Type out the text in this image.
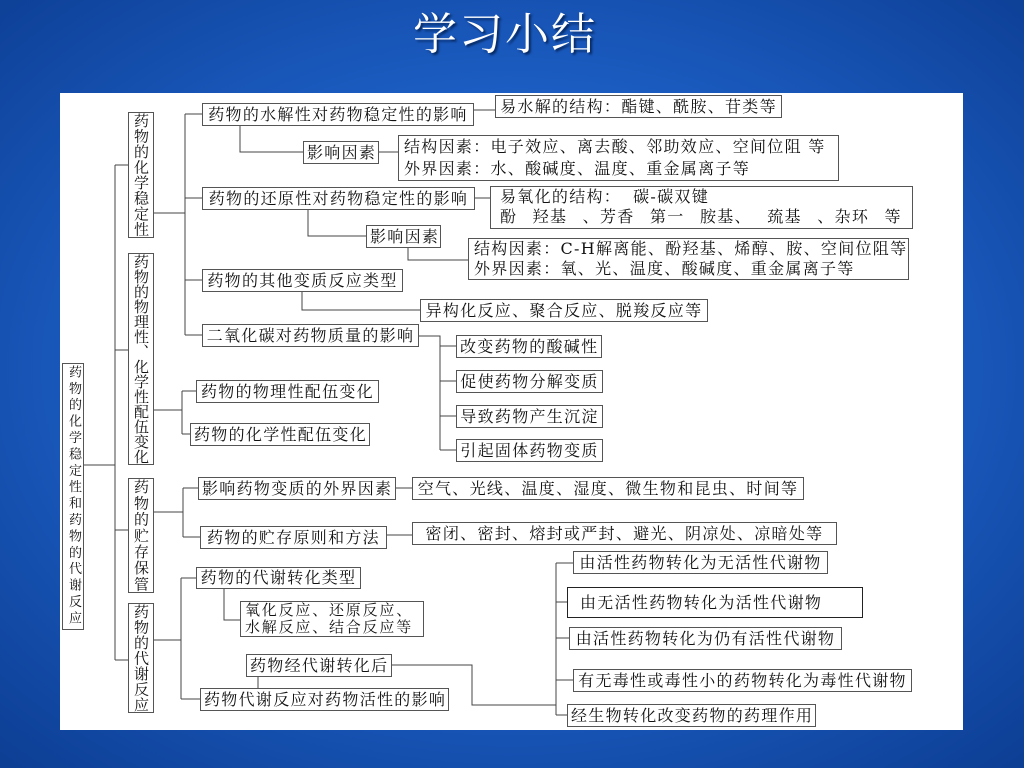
学习小结
药物的化学稳定性和药物的代谢反应
药物的化学稳定性
药物的物理性、化学性配伍变化
药物的贮存保管
药物的代谢反应
药物的水解性对药物稳定性的影响	易水解的结构：酯键、酰胺、苷类等
影响因素 结构因素：电子效应、离去酸、邻助效应、空间位阻 等
外界因素：水、酸碱度、温度、重金属离子等
药物的还原性对药物稳定性的影响	易氧化的结构： 碳-碳双键
酚 羟基 、芳香 第一 胺基、 巯基 、杂环 等
影响因素
结构因素：C-H解离能、酚羟基、烯醇、胺、空间位阻等
外界因素：氧、光、温度、酸碱度、重金属离子等
药物的其他变质反应类型
异构化反应、聚合反应、脱羧反应等
二氧化碳对药物质量的影响
改变药物的酸碱性
促使药物分解变质
导致药物产生沉淀
引起固体药物变质
药物的物理性配伍变化
药物的化学性配伍变化
影响药物变质的外界因素	空气、光线、温度、湿度、微生物和昆虫、时间等
药物的贮存原则和方法	密闭、密封、熔封或严封、避光、阴凉处、凉暗处等
药物的代谢转化类型
氧化反应、还原反应、
水解反应、结合反应等
药物经代谢转化后
药物代谢反应对药物活性的影响
由活性药物转化为无活性代谢物
由无活性药物转化为活性代谢物
由活性药物转化为仍有活性代谢物
有无毒性或毒性小的药物转化为毒性代谢物
经生物转化改变药物的药理作用
